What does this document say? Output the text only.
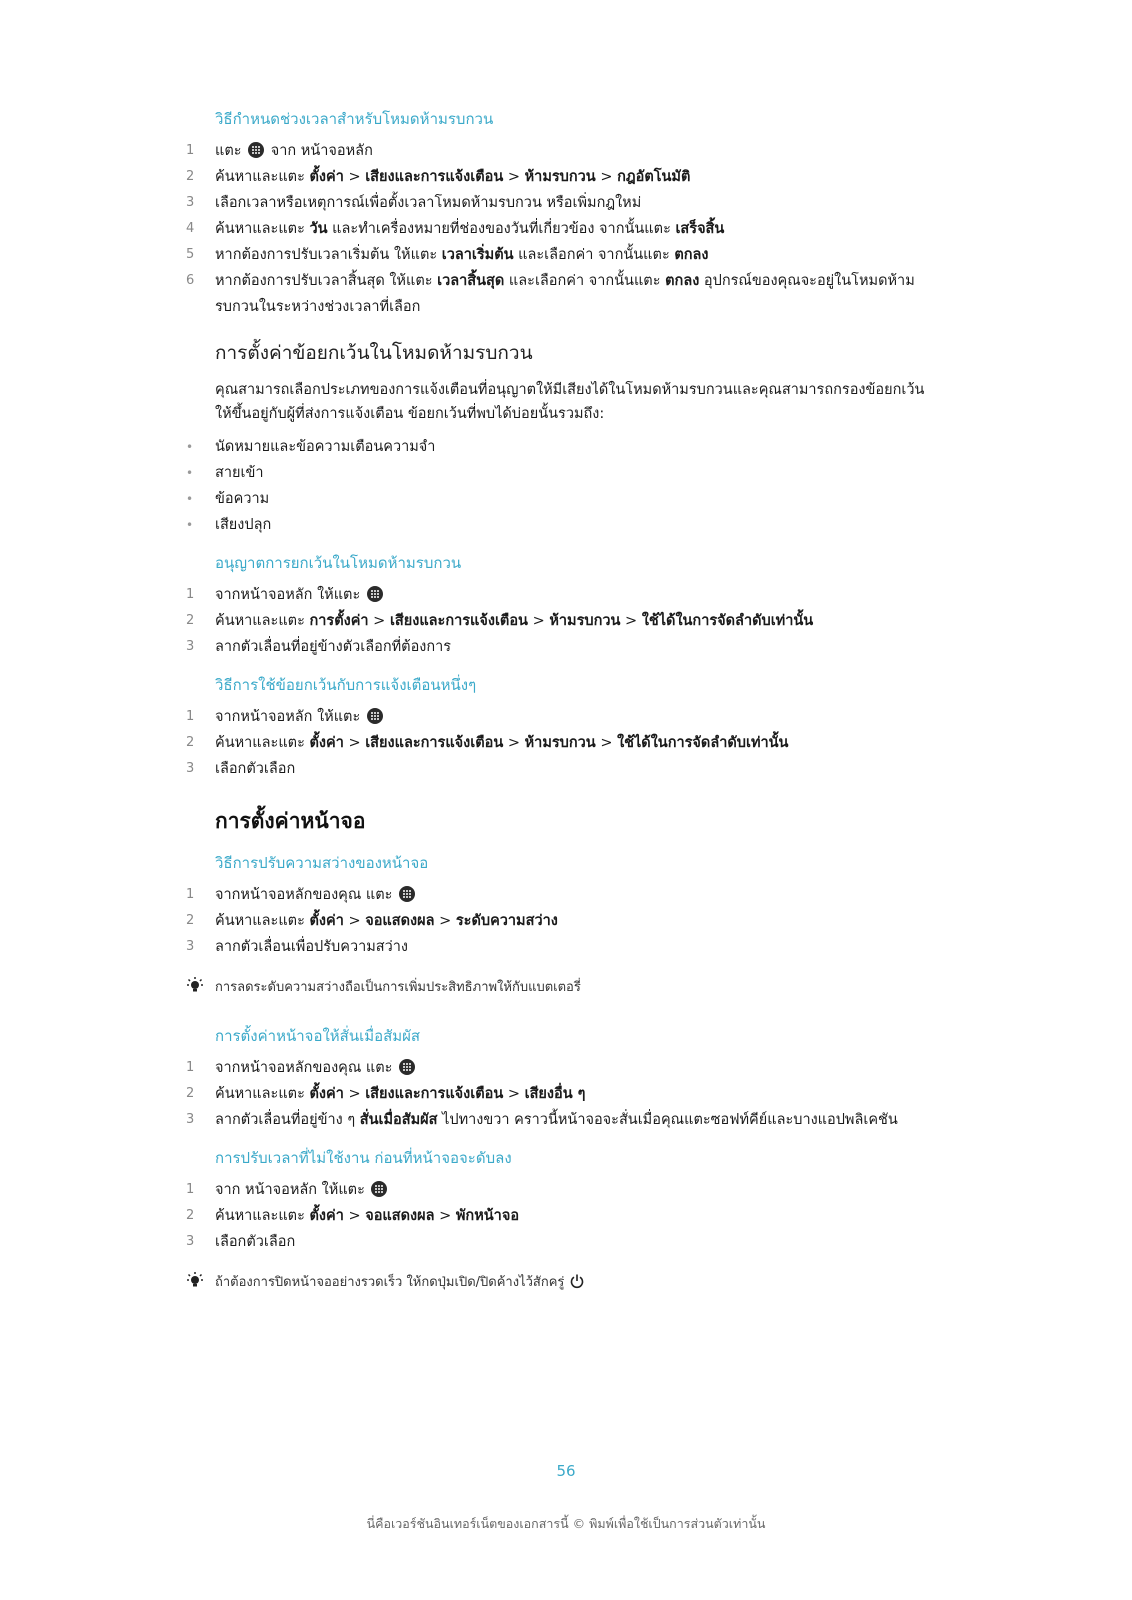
วิธีกำหนดช่วงเวลาสำหรับโหมดห้ามรบกวน
1	แตะ
จาก หน้าจอหลัก
2	ค้นหาและแตะ ตั้งค่า > เสียงและการแจ้งเตือน > ห้ามรบกวน > กฎอัตโนมัติ
3	เลือกเวลาหรือเหตุการณ์เพื่อตั้งเวลาโหมดห้ามรบกวน หรือเพิ่มกฎใหม่
4	ค้นหาและแตะ วัน และทำเครื่องหมายที่ช่องของวันที่เกี่ยวข้อง จากนั้นแตะ เสร็จสิ้น
5	หากต้องการปรับเวลาเริ่มต้น ให้แตะ เวลาเริ่มต้น และเลือกค่า จากนั้นแตะ ตกลง
6	หากต้องการปรับเวลาสิ้นสุด ให้แตะ เวลาสิ้นสุด และเลือกค่า จากนั้นแตะ ตกลง อุปกรณ์ของคุณจะอยู่ในโหมดห้ามรบกวนในระหว่างช่วงเวลาที่เลือก
การตั้งค่าข้อยกเว้นในโหมดห้ามรบกวน
คุณสามารถเลือกประเภทของการแจ้งเตือนที่อนุญาตให้มีเสียงได้ในโหมดห้ามรบกวนและคุณสามารถกรองข้อยกเว้นให้ขึ้นอยู่กับผู้ที่ส่งการแจ้งเตือน ข้อยกเว้นที่พบได้บ่อยนั้นรวมถึง:
•	นัดหมายและข้อความเตือนความจำ
•	สายเข้า
•	ข้อความ
•	เสียงปลุก
อนุญาตการยกเว้นในโหมดห้ามรบกวน
1	จากหน้าจอหลัก ให้แตะ
2	ค้นหาและแตะ การตั้งค่า > เสียงและการแจ้งเตือน > ห้ามรบกวน > ใช้ได้ในการจัดลำดับเท่านั้น
3	ลากตัวเลื่อนที่อยู่ข้างตัวเลือกที่ต้องการ
วิธีการใช้ข้อยกเว้นกับการแจ้งเตือนหนึ่งๆ
1	จากหน้าจอหลัก ให้แตะ
2	ค้นหาและแตะ ตั้งค่า > เสียงและการแจ้งเตือน > ห้ามรบกวน > ใช้ได้ในการจัดลำดับเท่านั้น
3	เลือกตัวเลือก
การตั้งค่าหน้าจอ
วิธีการปรับความสว่างของหน้าจอ
1	จากหน้าจอหลักของคุณ แตะ
2	ค้นหาและแตะ ตั้งค่า > จอแสดงผล > ระดับความสว่าง
3	ลากตัวเลื่อนเพื่อปรับความสว่าง
การลดระดับความสว่างถือเป็นการเพิ่มประสิทธิภาพให้กับแบตเตอรี่
การตั้งค่าหน้าจอให้สั่นเมื่อสัมผัส
1	จากหน้าจอหลักของคุณ แตะ
2	ค้นหาและแตะ ตั้งค่า > เสียงและการแจ้งเตือน > เสียงอื่น ๆ
3	ลากตัวเลื่อนที่อยู่ข้าง ๆ สั่นเมื่อสัมผัส ไปทางขวา คราวนี้หน้าจอจะสั่นเมื่อคุณแตะซอฟท์คีย์และบางแอปพลิเคชัน
การปรับเวลาที่ไม่ใช้งาน ก่อนที่หน้าจอจะดับลง
1	จาก หน้าจอหลัก ให้แตะ
2	ค้นหาและแตะ ตั้งค่า > จอแสดงผล > พักหน้าจอ
3	เลือกตัวเลือก
ถ้าต้องการปิดหน้าจออย่างรวดเร็ว ให้กดปุ่มเปิด/ปิดค้างไว้สักครู่
56
นี่คือเวอร์ชันอินเทอร์เน็ตของเอกสารนี้ © พิมพ์เพื่อใช้เป็นการส่วนตัวเท่านั้น
